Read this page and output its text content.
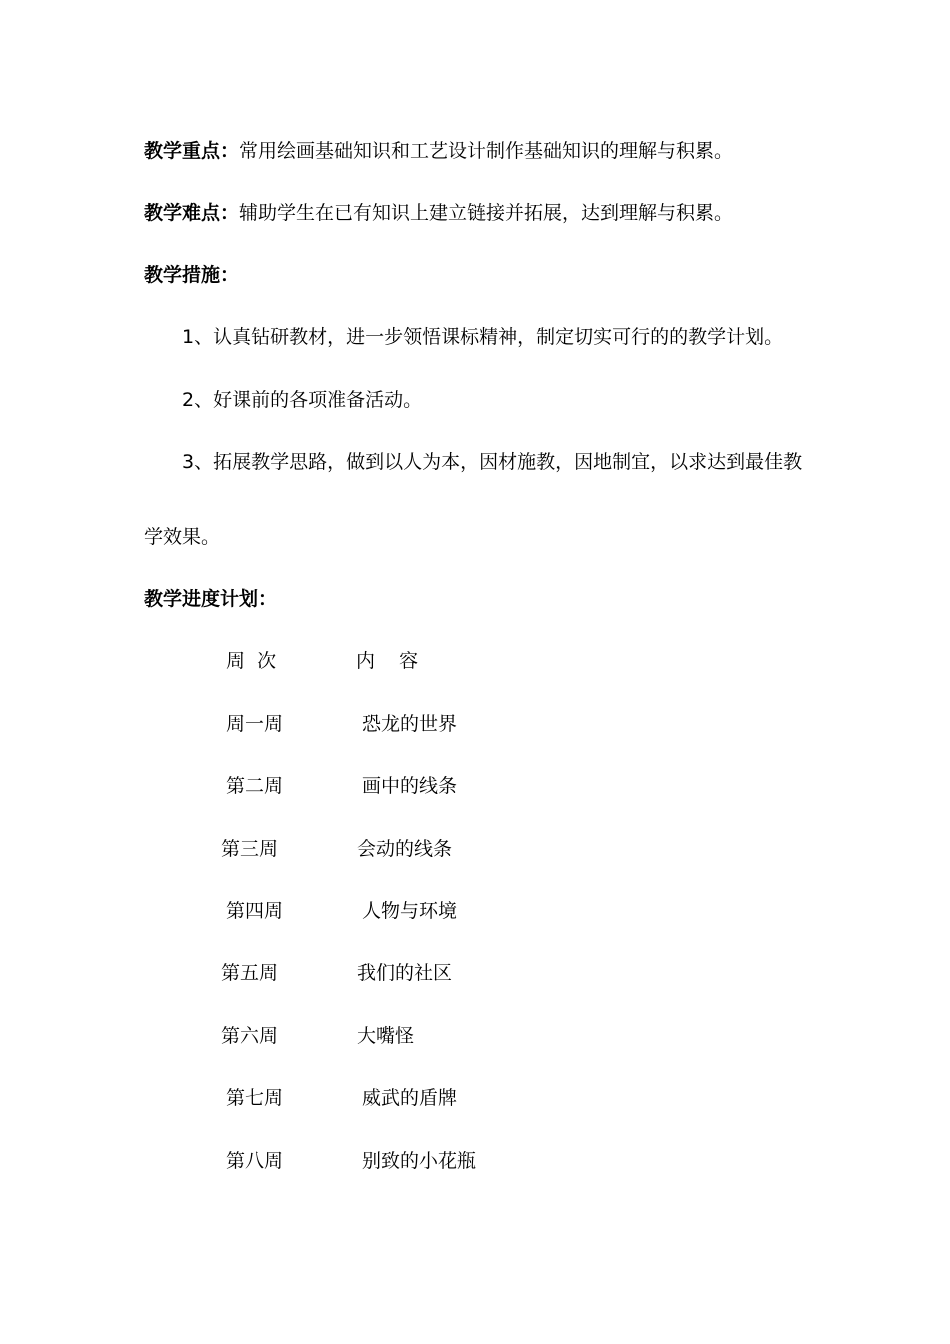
教学重点：常用绘画基础知识和工艺设计制作基础知识的理解与积累。
教学难点：辅助学生在已有知识上建立链接并拓展，达到理解与积累。
教学措施：
1、认真钻研教材，进一步领悟课标精神，制定切实可行的的教学计划。
2、好课前的各项准备活动。
3、拓展教学思路，做到以人为本，因材施教，因地制宜，以求达到最佳教
学效果。
教学进度计划：
周  次	内    容
周一周	恐龙的世界
第二周	画中的线条
第三周	会动的线条
第四周	人物与环境
第五周	我们的社区
第六周	大嘴怪
第七周	威武的盾牌
第八周	别致的小花瓶
